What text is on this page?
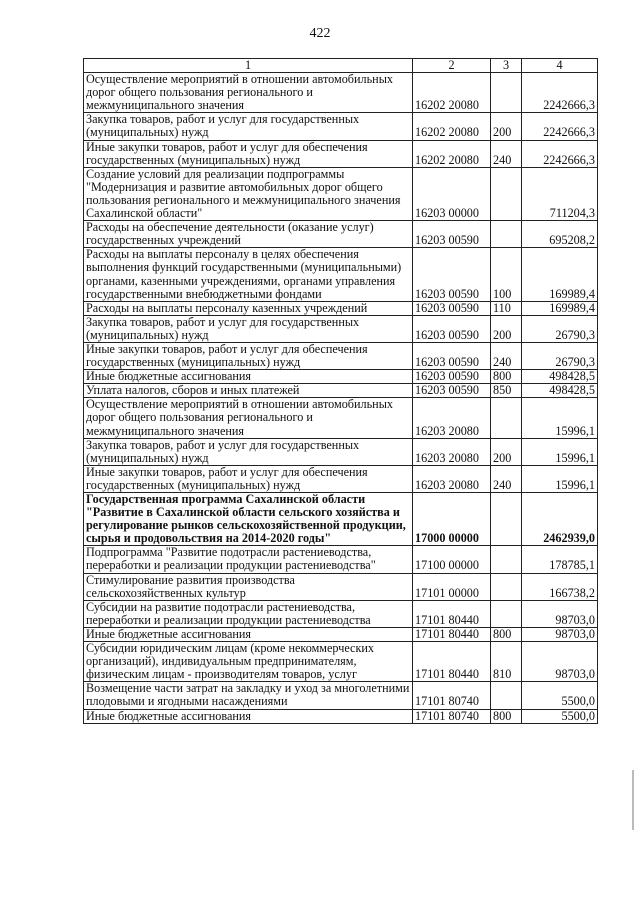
422
1	2	3	4
Осуществление мероприятий в отношении автомобильных дорог общего пользования регионального и межмуниципального значения	16202 20080		2242666,3
Закупка товаров, работ и услуг для государственных (муниципальных) нужд	16202 20080	200	2242666,3
Иные закупки товаров, работ и услуг для обеспечения государственных (муниципальных) нужд	16202 20080	240	2242666,3
Создание условий для реализации подпрограммы "Модернизация и развитие автомобильных дорог общего пользования регионального и межмуниципального значения Сахалинской области"	16203 00000		711204,3
Расходы на обеспечение деятельности (оказание услуг) государственных учреждений	16203 00590		695208,2
Расходы на выплаты персоналу в целях обеспечения выполнения функций государственными (муниципальными) органами, казенными учреждениями, органами управления государственными внебюджетными фондами	16203 00590	100	169989,4
Расходы на выплаты персоналу казенных учреждений	16203 00590	110	169989,4
Закупка товаров, работ и услуг для государственных (муниципальных) нужд	16203 00590	200	26790,3
Иные закупки товаров, работ и услуг для обеспечения государственных (муниципальных) нужд	16203 00590	240	26790,3
Иные бюджетные ассигнования	16203 00590	800	498428,5
Уплата налогов, сборов и иных платежей	16203 00590	850	498428,5
Осуществление мероприятий в отношении автомобильных дорог общего пользования регионального и межмуниципального значения	16203 20080		15996,1
Закупка товаров, работ и услуг для государственных (муниципальных) нужд	16203 20080	200	15996,1
Иные закупки товаров, работ и услуг для обеспечения государственных (муниципальных) нужд	16203 20080	240	15996,1
Государственная программа Сахалинской области "Развитие в Сахалинской области сельского хозяйства и регулирование рынков сельскохозяйственной продукции, сырья и продовольствия на 2014-2020 годы"	17000 00000		2462939,0
Подпрограмма "Развитие подотрасли растениеводства, переработки и реализации продукции растениеводства"	17100 00000		178785,1
Стимулирование развития производства сельскохозяйственных культур	17101 00000		166738,2
Субсидии на развитие подотрасли растениеводства, переработки и реализации продукции растениеводства	17101 80440		98703,0
Иные бюджетные ассигнования	17101 80440	800	98703,0
Субсидии юридическим лицам (кроме некоммерческих организаций), индивидуальным предпринимателям, физическим лицам - производителям товаров, услуг	17101 80440	810	98703,0
Возмещение части затрат на закладку и уход за многолетними плодовыми и ягодными насаждениями	17101 80740		5500,0
Иные бюджетные ассигнования	17101 80740	800	5500,0
